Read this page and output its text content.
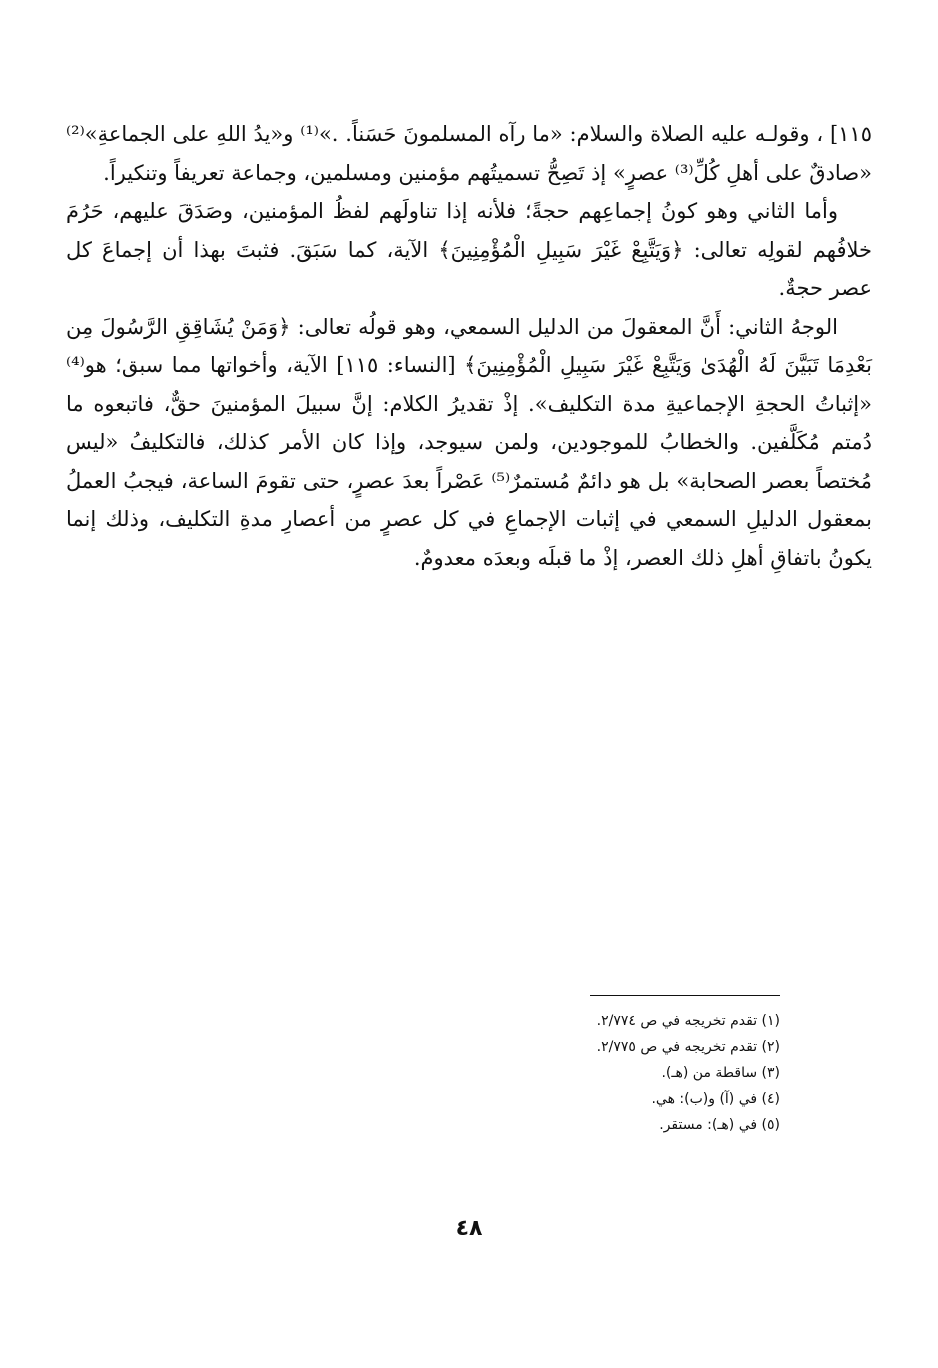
١١٥] ، وقولـه عليه الصلاة والسلام: «ما رآه المسلمونَ حَسَناً. .»⁽¹⁾ و«يدُ اللهِ على الجماعةِ»⁽²⁾ «صادقٌ على أهلِ كُلِّ⁽³⁾ عصرٍ» إذ تَصِحُّ تسميتُهم مؤمنين ومسلمين، وجماعة تعريفاً وتنكيراً.

وأما الثاني وهو كونُ إجماعِهم حجةً؛ فلأنه إذا تناولَهم لفظُ المؤمنين، وصَدَقَ عليهم، حَرُمَ خلافُهم لقولِه تعالى: ﴿وَيَتَّبِعْ غَيْرَ سَبِيلِ الْمُؤْمِنِينَ﴾ الآية، كما سَبَقَ. فثبتَ بهذا أن إجماعَ كل عصر حجةٌ.

الوجهُ الثاني: أَنَّ المعقولَ من الدليل السمعي، وهو قولُه تعالى: ﴿وَمَنْ يُشَاقِقِ الرَّسُولَ مِن بَعْدِمَا تَبَيَّنَ لَهُ الْهُدَىٰ وَيَتَّبِعْ غَيْرَ سَبِيلِ الْمُؤْمِنِينَ﴾ [النساء: ١١٥] الآية، وأخواتها مما سبق؛ هو⁽⁴⁾ «إثباتُ الحجةِ الإجماعيةِ مدة التكليف». إذْ تقديرُ الكلام: إنَّ سبيلَ المؤمنينَ حقٌّ، فاتبعوه ما دُمتم مُكَلَّفين. والخطابُ للموجودين، ولمن سيوجد، وإذا كان الأمر كذلك، فالتكليفُ «ليس مُختصاً بعصر الصحابة» بل هو دائمٌ مُستمرٌ⁽⁵⁾ عَصْراً بعدَ عصرٍ، حتى تقومَ الساعة، فيجبُ العملُ بمعقول الدليلِ السمعي في إثبات الإجماعِ في كل عصرٍ من أعصارِ مدةِ التكليف، وذلك إنما يكونُ باتفاقِ أهلِ ذلك العصر، إذْ ما قبلَه وبعدَه معدومٌ.

(١) تقدم تخريجه في ص ٢/٧٧٤.
(٢) تقدم تخريجه في ص ٢/٧٧٥.
(٣) ساقطة من (هـ).
(٤) في (آ) و(ب): هي.
(٥) في (هـ): مستقر.
٤٨
